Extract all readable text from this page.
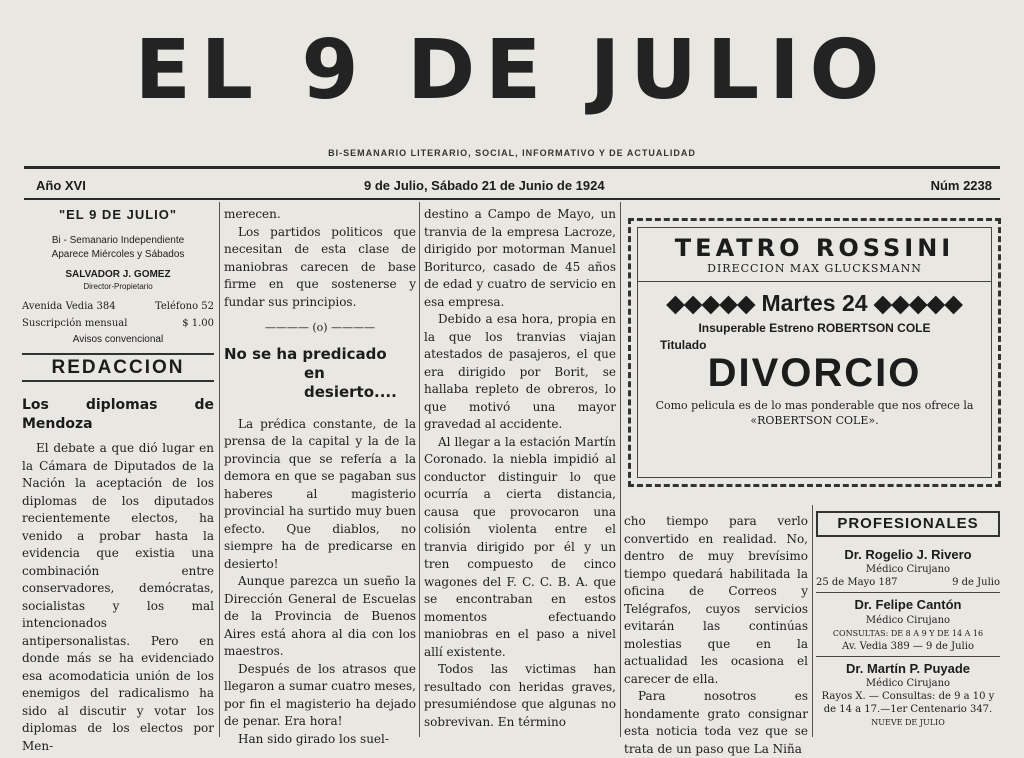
EL 9 DE JULIO
BI-SEMANARIO LITERARIO, SOCIAL, INFORMATIVO Y DE ACTUALIDAD
Año XVI	9 de Julio, Sábado 21 de Junio de 1924	Núm 2238
"EL 9 DE JULIO"
Bi - Semanario Independiente
Aparece Miércoles y Sábados
SALVADOR J. GOMEZ
Director-Propietario
Avenida Vedia 384	Teléfono 52
Suscripción mensual	$ 1.00
Avisos convencional
REDACCION
Los diplomas de Mendoza

El debate a que dió lugar en la Cámara de Diputados de la Nación la aceptación de los diplomas de los diputados recientemente electos, ha venido a probar hasta la evidencia que existia una combinación entre conservadores, demócratas, socialistas y los mal intencionados antipersonalistas. Pero en donde más se ha evidenciado esa acomodaticia unión de los enemigos del radicalismo ha sido al discutir y votar los diplomas de los electos por Men-

merecen.

Los partidos politicos que necesitan de esta clase de maniobras carecen de base firme en que sostenerse y fundar sus principios.

———— (o) ————
No se ha predicado
en desierto....

La prédica constante, de la prensa de la capital y la de la provincia que se refería a la demora en que se pagaban sus haberes al magisterio provincial ha surtido muy buen efecto. Que diablos, no siempre ha de predicarse en desierto!

Aunque parezca un sueño la Dirección General de Escuelas de la Provincia de Buenos Aires está ahora al dia con los maestros.

Después de los atrasos que llegaron a sumar cuatro meses, por fin el magisterio ha dejado de penar. Era hora!

Han sido girado los suel-

destino a Campo de Mayo, un tranvia de la empresa Lacroze, dirigido por motorman Manuel Boriturco, casado de 45 años de edad y cuatro de servicio en esa empresa.

Debido a esa hora, propia en la que los tranvias viajan atestados de pasajeros, el que era dirigido por Borit, se hallaba repleto de obreros, lo que motivó una mayor gravedad al accidente.

Al llegar a la estación Martín Coronado. la niebla impidió al conductor distinguir lo que ocurría a cierta distancia, causa que provocaron una colisión violenta entre el tranvia dirigido por él y un tren compuesto de cinco wagones del F. C. C. B. A. que se encontraban en estos momentos efectuando maniobras en el paso a nivel allí existente.

Todos las victimas han resultado con heridas graves, presumiéndose que algunas no sobrevivan. En término

TEATRO ROSSINI
DIRECCION MAX GLUCKSMANN
◆◆◆◆◆ Martes 24 ◆◆◆◆◆
Insuperable Estreno ROBERTSON COLE
Titulado
DIVORCIO
Como pelicula es de lo mas ponderable que nos ofrece la «ROBERTSON COLE».
cho tiempo para verlo convertido en realidad. No, dentro de muy brevísimo tiempo quedará habilitada la oficina de Correos y Telégrafos, cuyos servicios evitarán las continúas molestias que en la actualidad les ocasiona el carecer de ella.

Para nosotros es hondamente grato consignar esta noticia toda vez que se trata de un paso que La Niña

PROFESIONALES
Dr. Rogelio J. Rivero
Médico Cirujano
25 de Mayo 187	9 de Julio
Dr. Felipe Cantón
Médico Cirujano
CONSULTAS: DE 8 A 9 Y DE 14 A 16
Av. Vedia 389 — 9 de Julio
Dr. Martín P. Puyade
Médico Cirujano
Rayos X. — Consultas: de 9 a 10 y de 14 a 17.—1er Centenario 347.
NUEVE DE JULIO
